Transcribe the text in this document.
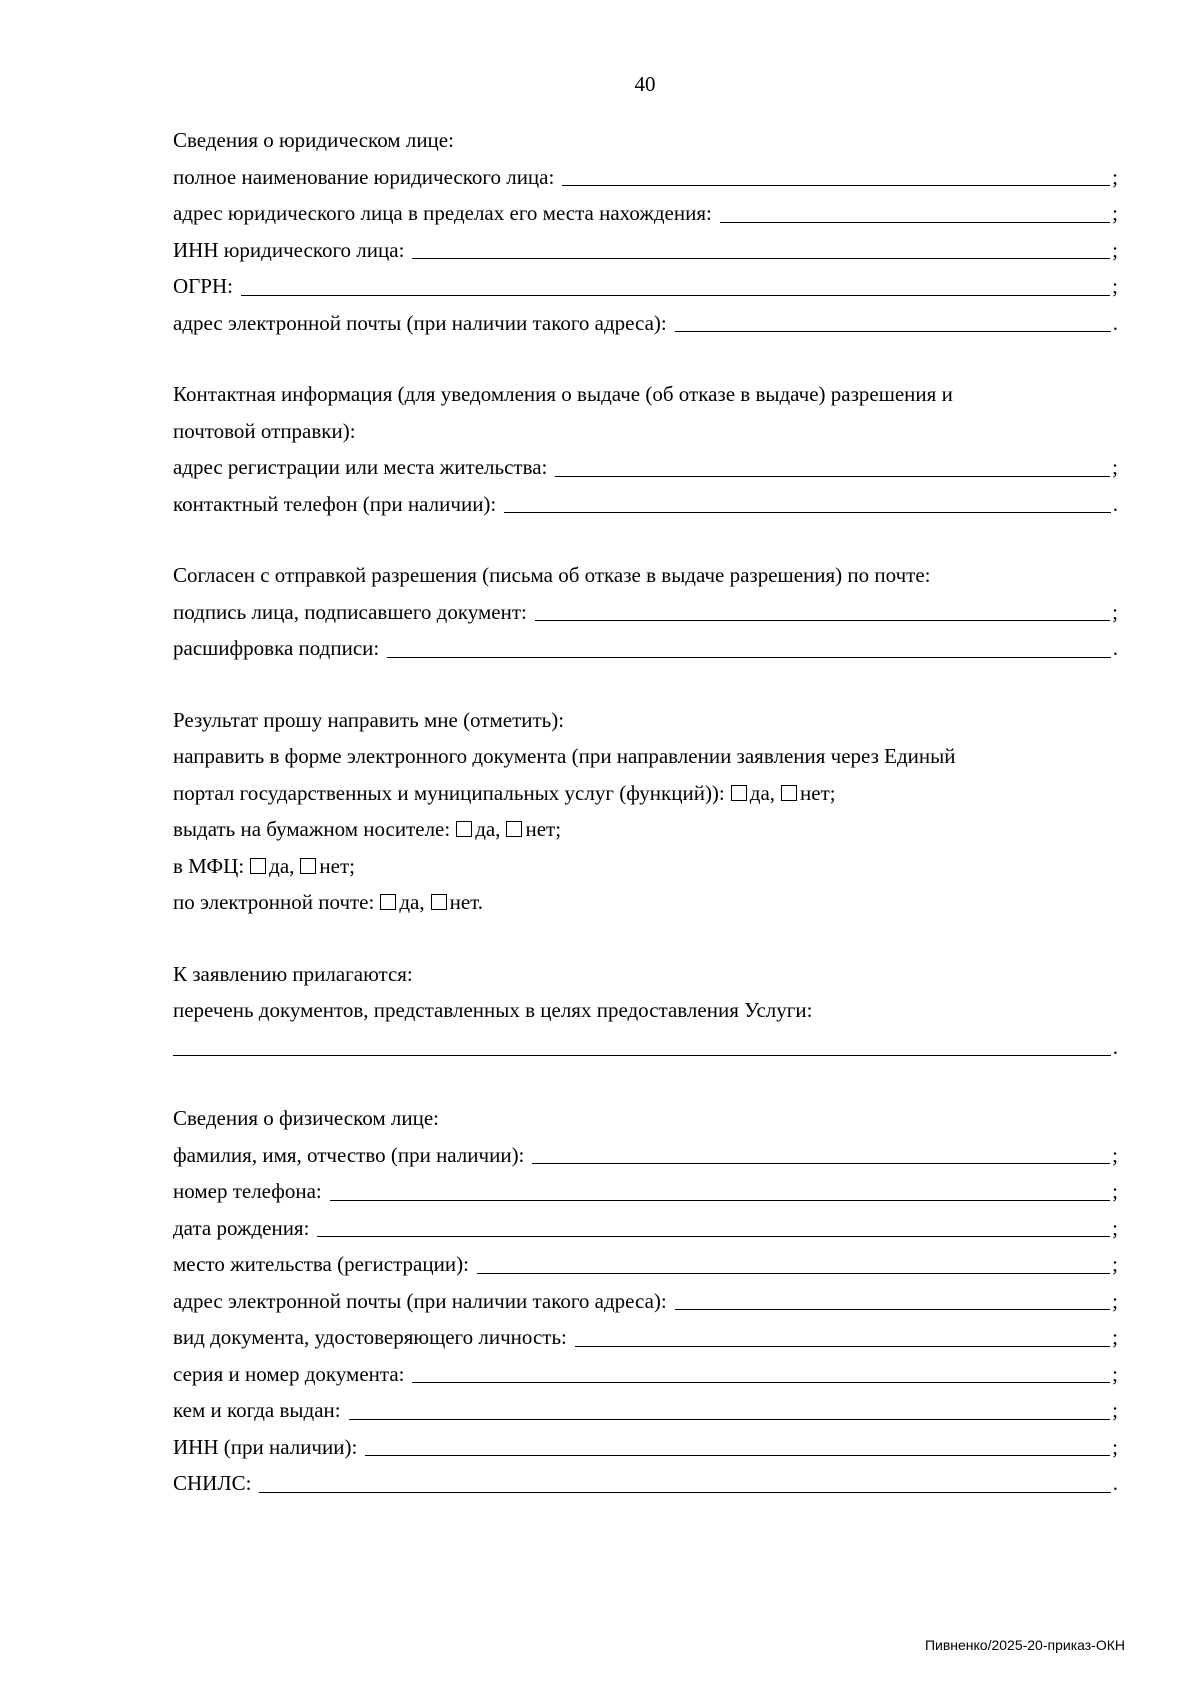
40
Сведения о юридическом лице:
полное наименование юридического лица:	;
адрес юридического лица в пределах его места нахождения:	;
ИНН юридического лица:	;
ОГРН:	;
адрес электронной почты (при наличии такого адреса):	.
Контактная информация (для уведомления о выдаче (об отказе в выдаче) разрешения и
почтовой отправки):
адрес регистрации или места жительства:	;
контактный телефон (при наличии):	.
Согласен с отправкой разрешения (письма об отказе в выдаче разрешения) по почте:
подпись лица, подписавшего документ:	;
расшифровка подписи:	.
Результат прошу направить мне (отметить):
направить в форме электронного документа (при направлении заявления через Единый
портал государственных и муниципальных услуг (функций)): да, нет;
выдать на бумажном носителе: да, нет;
в МФЦ: да, нет;
по электронной почте: да, нет.
К заявлению прилагаются:
перечень документов, представленных в целях предоставления Услуги:
.
Сведения о физическом лице:
фамилия, имя, отчество (при наличии):	;
номер телефона:	;
дата рождения:	;
место жительства (регистрации):	;
адрес электронной почты (при наличии такого адреса):	;
вид документа, удостоверяющего личность:	;
серия и номер документа:	;
кем и когда выдан:	;
ИНН (при наличии):	;
СНИЛС:	.
Пивненко/2025-20-приказ-ОКН
